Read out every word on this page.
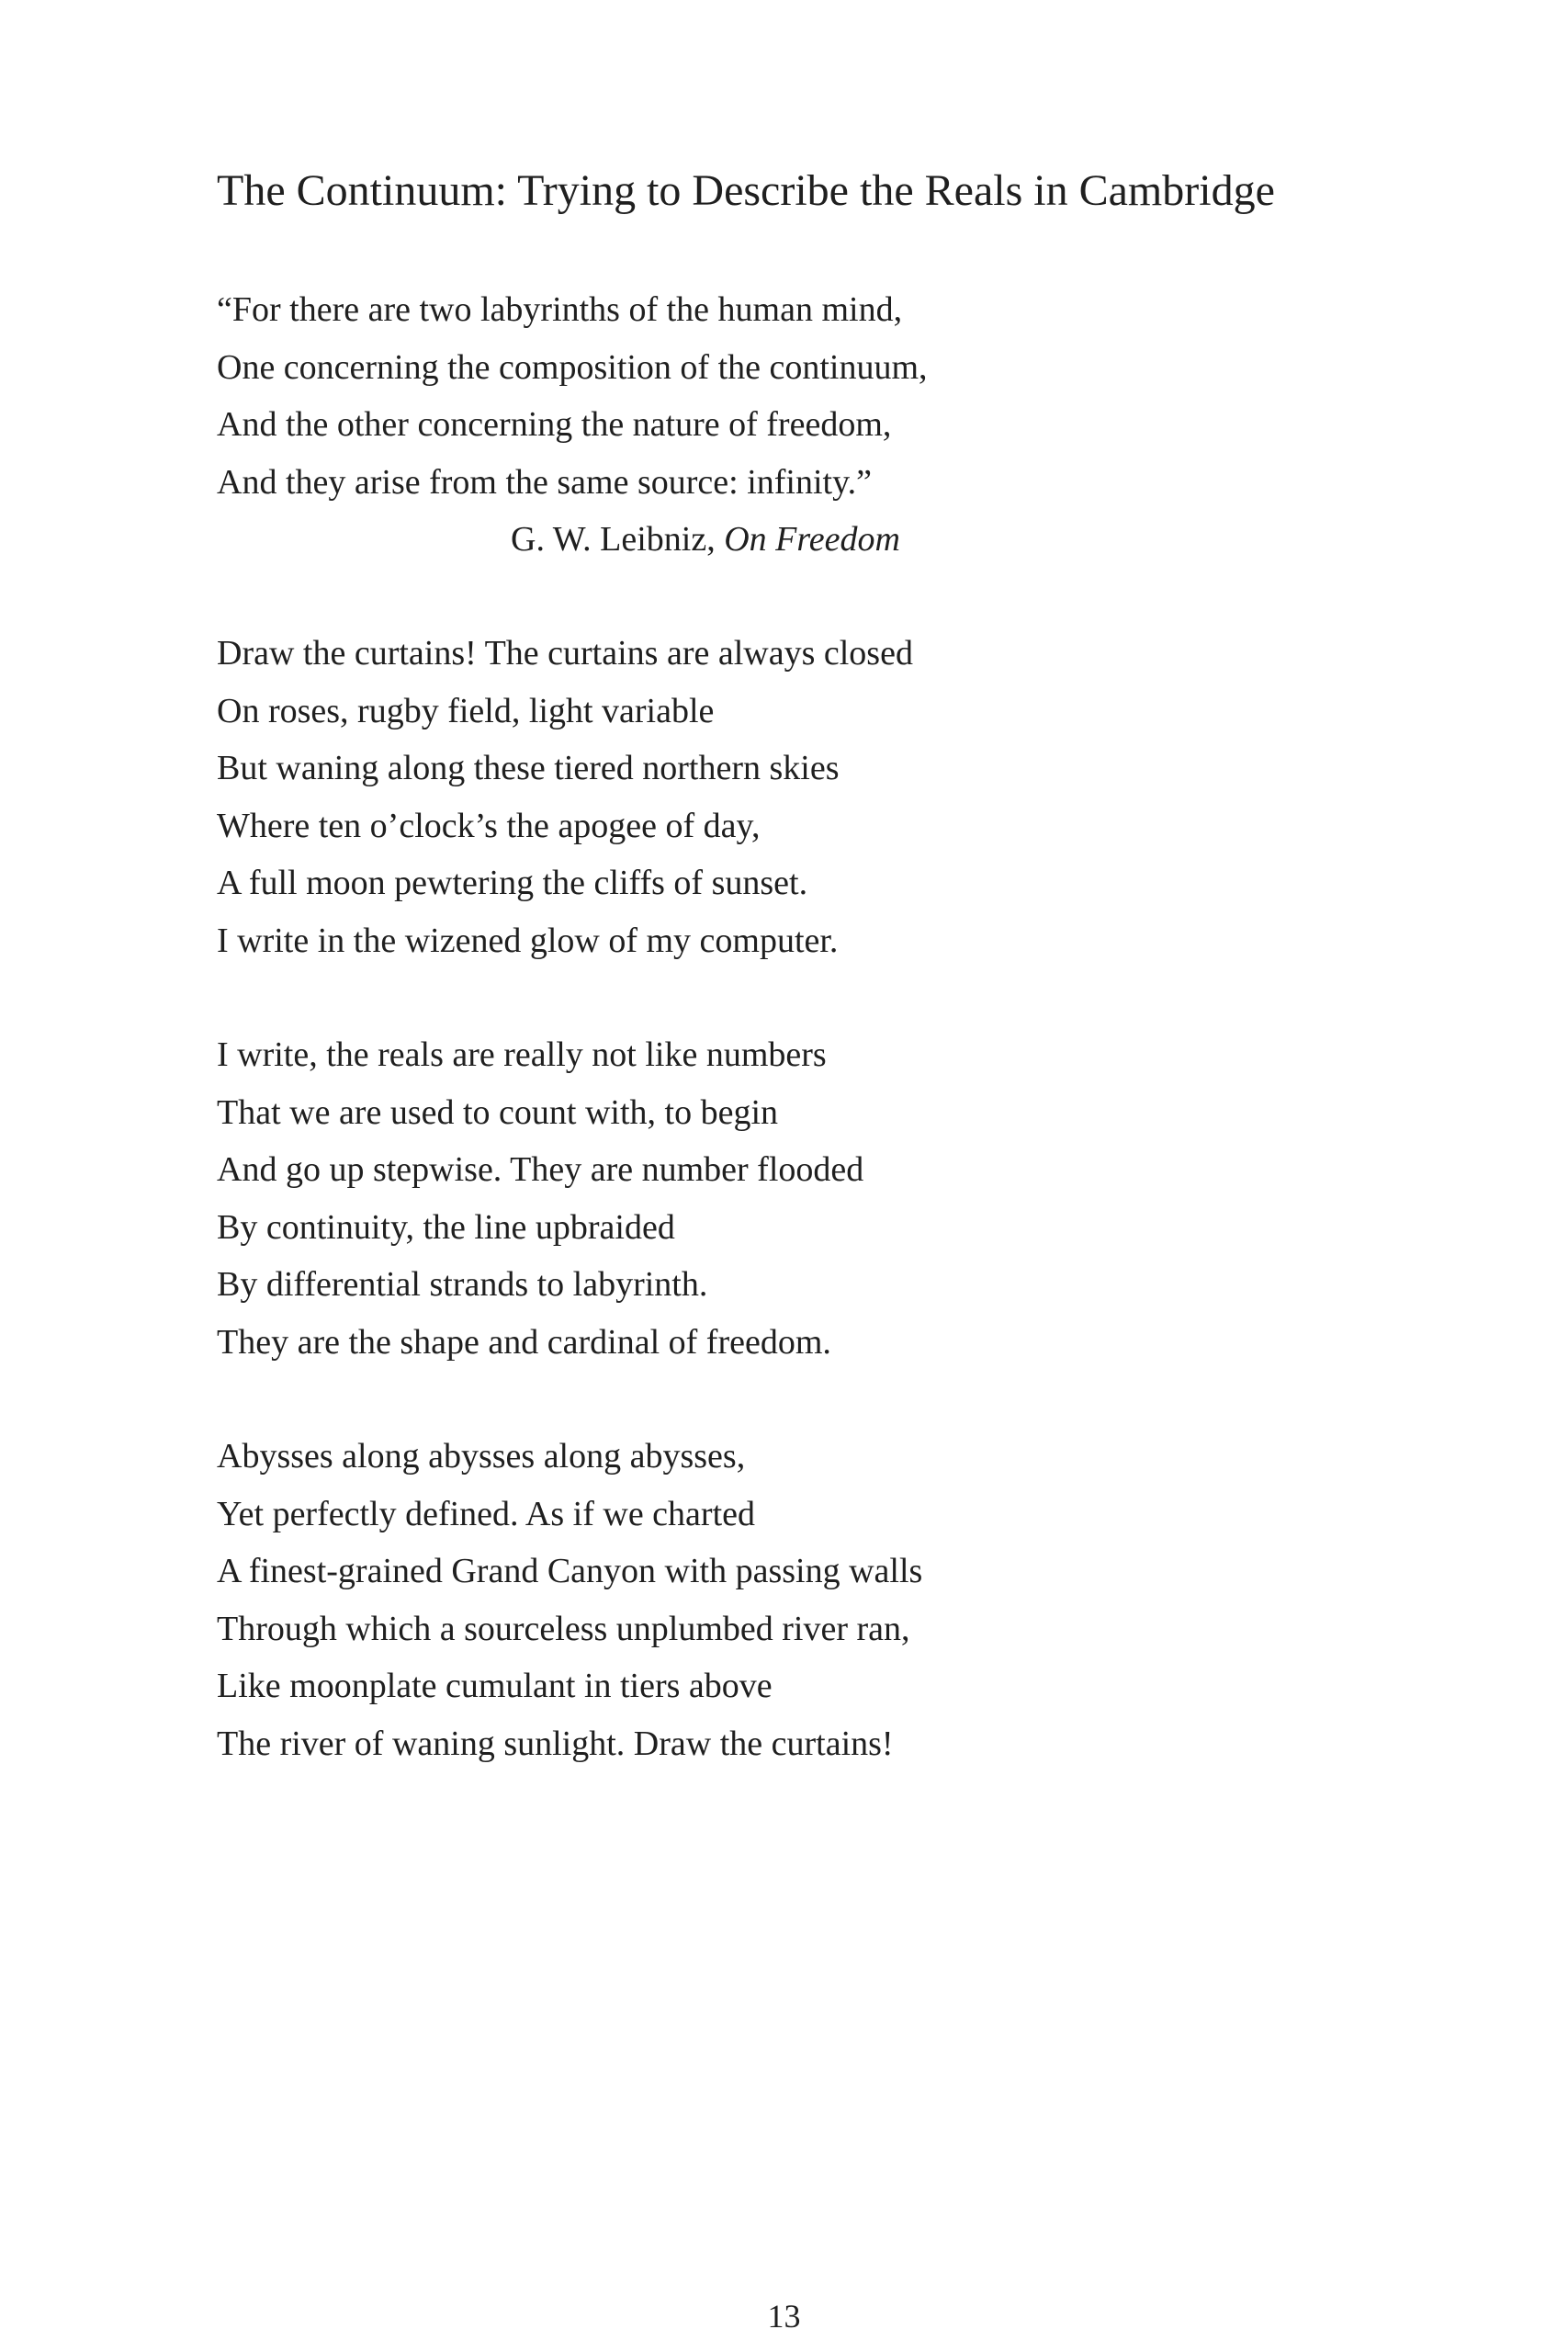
The Continuum: Trying to Describe the Reals in Cambridge
“For there are two labyrinths of the human mind,
One concerning the composition of the continuum,
And the other concerning the nature of freedom,
And they arise from the same source: infinity.”
G. W. Leibniz, On Freedom
Draw the curtains! The curtains are always closed
On roses, rugby field, light variable
But waning along these tiered northern skies
Where ten o’clock’s the apogee of day,
A full moon pewtering the cliffs of sunset.
I write in the wizened glow of my computer.
I write, the reals are really not like numbers
That we are used to count with, to begin
And go up stepwise. They are number flooded
By continuity, the line upbraided
By differential strands to labyrinth.
They are the shape and cardinal of freedom.
Abysses along abysses along abysses,
Yet perfectly defined. As if we charted
A finest-grained Grand Canyon with passing walls
Through which a sourceless unplumbed river ran,
Like moonplate cumulant in tiers above
The river of waning sunlight. Draw the curtains!
13
